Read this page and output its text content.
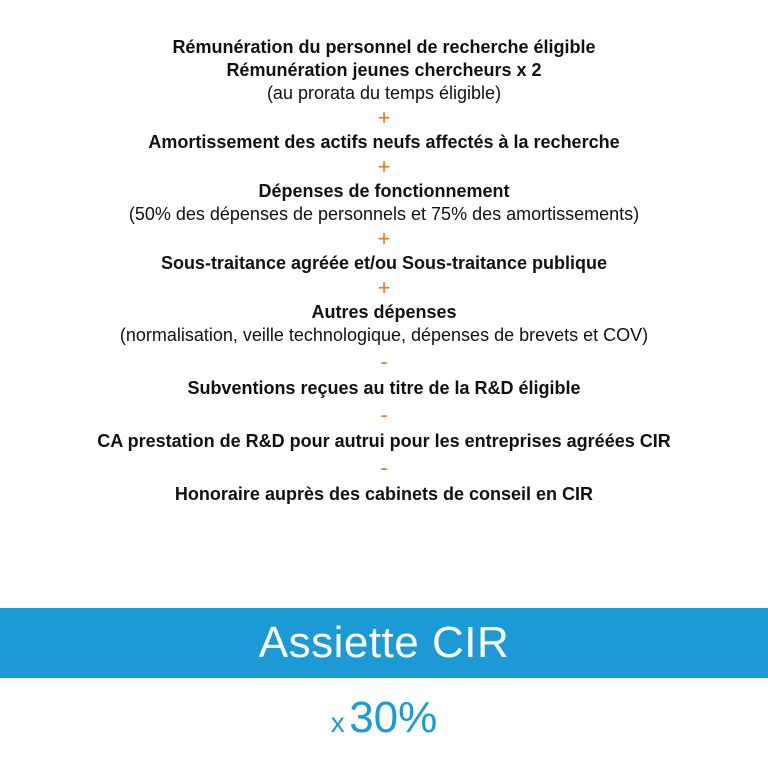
Rémunération du personnel de recherche éligible
Rémunération jeunes chercheurs x 2
(au prorata du temps éligible)
+
Amortissement des actifs neufs affectés à la recherche
+
Dépenses de fonctionnement
(50% des dépenses de personnels et 75% des amortissements)
+
Sous-traitance agréée et/ou Sous-traitance publique
+
Autres dépenses
(normalisation, veille technologique, dépenses de brevets et COV)
-
Subventions reçues au titre de la R&D éligible
-
CA prestation de R&D pour autrui pour les entreprises agréées CIR
-
Honoraire auprès des cabinets de conseil en CIR
Assiette CIR
x 30%
